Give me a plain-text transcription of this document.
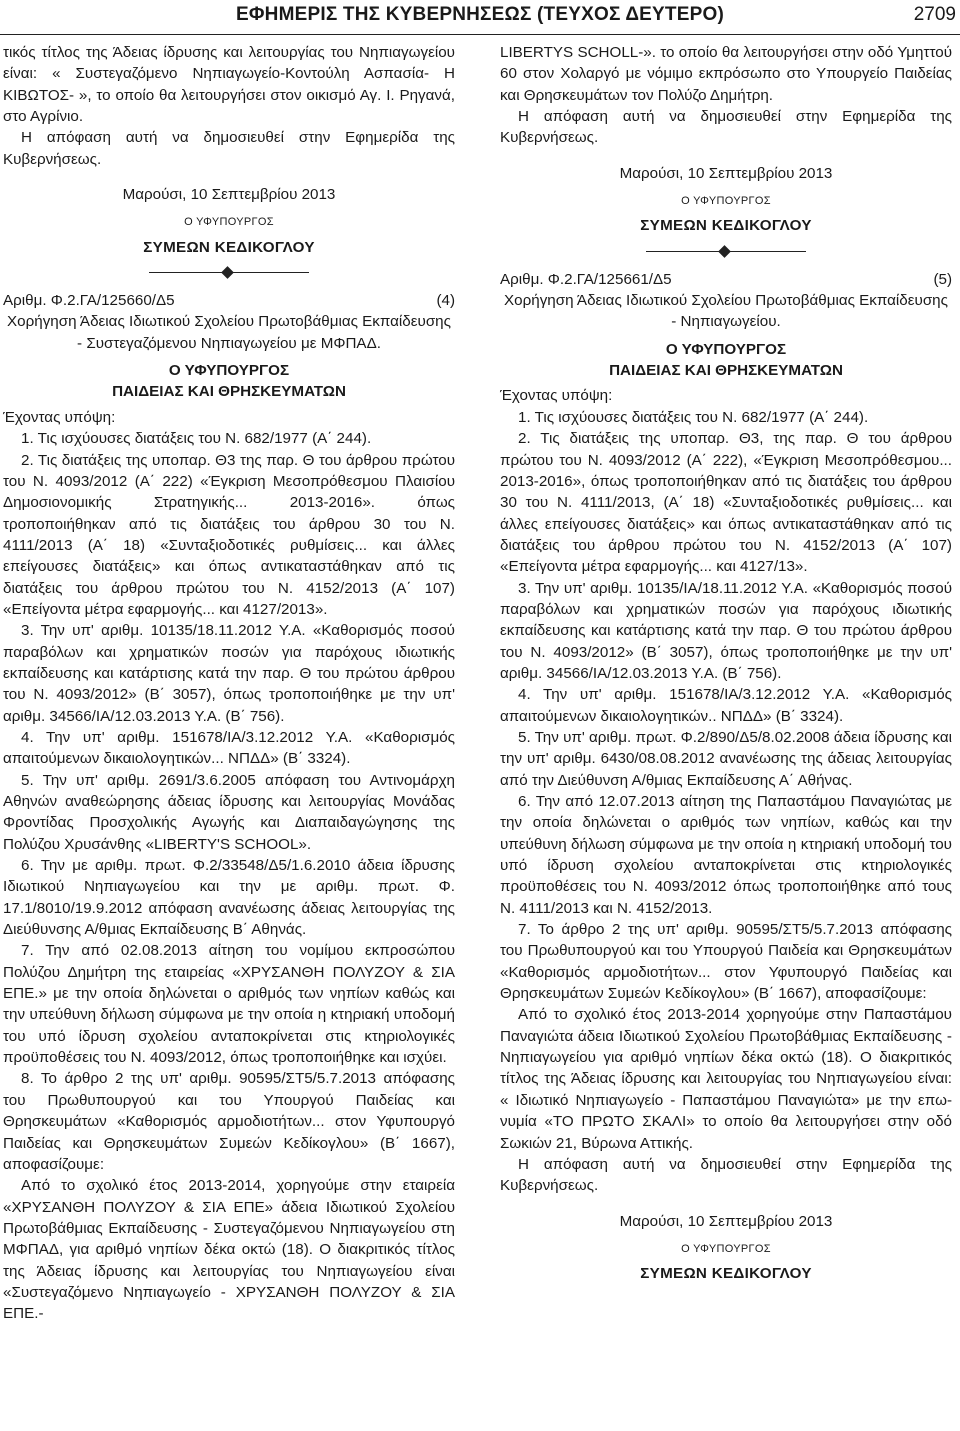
ΕΦΗΜΕΡΙΣ ΤΗΣ ΚΥΒΕΡΝΗΣΕΩΣ (ΤΕΥΧΟΣ ΔΕΥΤΕΡΟ)	2709

τικός τίτλος της Άδειας ίδρυσης και λειτουργίας του Νηπιαγωγείου είναι: « Συστεγαζόμενο Νηπιαγωγείο-Κοντούλη Ασπασία- Η ΚΙΒΩΤΟΣ- », το οποίο θα λειτουργήσει στον οικισμό Αγ. Ι. Ρηγανά, στο Αγρίνιο.

Η απόφαση αυτή να δημοσιευθεί στην Εφημερίδα της Κυβερνήσεως.

Μαρούσι, 10 Σεπτεμβρίου 2013

Ο ΥΦΥΠΟΥΡΓΟΣ

ΣΥΜΕΩΝ ΚΕΔΙΚΟΓΛΟΥ

Αριθμ. Φ.2.ΓΑ/125660/Δ5	(4)

Χορήγηση Άδειας Ιδιωτικού Σχολείου Πρωτοβάθμιας Εκπαίδευσης - Συστεγαζόμενου Νηπιαγωγείου με ΜΦΠΑΔ.

Ο ΥΦΥΠΟΥΡΓΟΣ
ΠΑΙΔΕΙΑΣ ΚΑΙ ΘΡΗΣΚΕΥΜΑΤΩΝ

Έχοντας υπόψη:

1. Τις ισχύουσες διατάξεις του Ν. 682/1977 (Α΄ 244).

2. Τις διατάξεις της υποπαρ. Θ3 της παρ. Θ του άρθρου πρώτου του Ν. 4093/2012 (Α΄ 222) «Έγκριση Μεσοπρόθεσμου Πλαισίου Δημοσιονομικής Στρατηγικής... 2013-2016». όπως τροποποιήθηκαν από τις διατάξεις του άρθρου 30 του Ν. 4111/2013 (Α΄ 18) «Συνταξιοδοτικές ρυθμίσεις... και άλλες επείγουσες διατάξεις» και όπως αντικαταστάθηκαν από τις διατάξεις του άρθρου πρώτου του Ν. 4152/2013 (Α΄ 107) «Επείγοντα μέτρα εφαρμογής... και 4127/2013».

3. Την υπ' αριθμ. 10135/18.11.2012 Υ.Α. «Καθορισμός ποσού παραβόλων και χρηματικών ποσών για παρόχους ιδιωτικής εκπαίδευσης και κατάρτισης κατά την παρ. Θ του πρώτου άρθρου του Ν. 4093/2012» (Β΄ 3057), όπως τροποποιήθηκε με την υπ' αριθμ. 34566/ΙΑ/12.03.2013 Υ.Α. (Β΄ 756).

4. Την υπ' αριθμ. 151678/ΙΑ/3.12.2012 Υ.Α. «Καθορισμός απαιτούμενων δικαιολογητικών... ΝΠΔΔ» (Β΄ 3324).

5. Την υπ' αριθμ. 2691/3.6.2005 απόφαση του Αντινομάρχη Αθηνών αναθεώρησης άδειας ίδρυσης και λειτουργίας Μονάδας Φροντίδας Προσχολικής Αγωγής και Διαπαιδαγώγησης της Πολύζου Χρυσάνθης «LIBERTY'S SCHOOL».

6. Την με αριθμ. πρωτ. Φ.2/33548/Δ5/1.6.2010 άδεια ίδρυσης Ιδιωτικού Νηπιαγωγείου και την με αριθμ. πρωτ. Φ. 17.1/8010/19.9.2012 απόφαση ανανέωσης άδειας λειτουργίας της Διεύθυνσης Α/θμιας Εκπαίδευσης Β΄ Αθηνάς.

7. Την από 02.08.2013 αίτηση του νομίμου εκπροσώπου Πολύζου Δημήτρη της εταιρείας «ΧΡΥΣΑΝΘΗ ΠΟΛΥΖΟΥ & ΣΙΑ ΕΠΕ.» με την οποία δηλώνεται ο αριθμός των νηπίων καθώς και την υπεύθυνη δήλωση σύμφωνα με την οποία η κτηριακή υποδομή του υπό ίδρυση σχολείου ανταποκρίνεται στις κτηριολογικές προϋποθέσεις του Ν. 4093/2012, όπως τροποποιήθηκε και ισχύει.

8. Το άρθρο 2 της υπ' αριθμ. 90595/ΣΤ5/5.7.2013 απόφασης του Πρωθυπουργού και του Υπουργού Παιδείας και Θρησκευμάτων «Καθορισμός αρμοδιοτήτων... στον Υφυπουργό Παιδείας και Θρησκευμάτων Συμεών Κεδίκογλου» (Β΄ 1667), αποφασίζουμε:

Από το σχολικό έτος 2013-2014, χορηγούμε στην εταιρεία «ΧΡΥΣΑΝΘΗ ΠΟΛΥΖΟΥ & ΣΙΑ ΕΠΕ» άδεια Ιδιωτικού Σχολείου Πρωτοβάθμιας Εκπαίδευσης - Συστεγαζόμενου Νηπιαγωγείου στη ΜΦΠΑΔ, για αριθμό νηπίων δέκα οκτώ (18). Ο διακριτικός τίτλος της Άδειας ίδρυσης και λειτουργίας του Νηπιαγωγείου είναι «Συστεγαζόμενο Νηπιαγωγείο - ΧΡΥΣΑΝΘΗ ΠΟΛΥΖΟΥ & ΣΙΑ ΕΠΕ.-

LIBERTYS SCHOLL-». το οποίο θα λειτουργήσει στην οδό Υμηττού 60 στον Χολαργό με νόμιμο εκπρόσωπο στο Υπουργείο Παιδείας και Θρησκευμάτων τον Πολύζο Δημήτρη.

Η απόφαση αυτή να δημοσιευθεί στην Εφημερίδα της Κυβερνήσεως.

Μαρούσι, 10 Σεπτεμβρίου 2013

Ο ΥΦΥΠΟΥΡΓΟΣ

ΣΥΜΕΩΝ ΚΕΔΙΚΟΓΛΟΥ

Αριθμ. Φ.2.ΓΑ/125661/Δ5	(5)

Χορήγηση Άδειας Ιδιωτικού Σχολείου Πρωτοβάθμιας Εκπαίδευσης - Νηπιαγωγείου.

Ο ΥΦΥΠΟΥΡΓΟΣ
ΠΑΙΔΕΙΑΣ ΚΑΙ ΘΡΗΣΚΕΥΜΑΤΩΝ

Έχοντας υπόψη:

1. Τις ισχύουσες διατάξεις του Ν. 682/1977 (Α΄ 244).

2. Τις διατάξεις της υποπαρ. Θ3, της παρ. Θ του άρθρου πρώτου του Ν. 4093/2012 (Α΄ 222), «Έγκριση Μεσοπρόθεσμου... 2013-2016», όπως τροποποιήθηκαν από τις διατάξεις του άρθρου 30 του Ν. 4111/2013, (Α΄ 18) «Συνταξιοδοτικές ρυθμίσεις... και άλλες επείγουσες διατάξεις» και όπως αντικαταστάθηκαν από τις διατάξεις του άρθρου πρώτου του Ν. 4152/2013 (Α΄ 107) «Επείγοντα μέτρα εφαρμογής... και 4127/13».

3. Την υπ' αριθμ. 10135/ΙΑ/18.11.2012 Υ.Α. «Καθορισμός ποσού παραβόλων και χρηματικών ποσών για παρόχους ιδιωτικής εκπαίδευσης και κατάρτισης κατά την παρ. Θ του πρώτου άρθρου του Ν. 4093/2012» (Β΄ 3057), όπως τροποποιήθηκε με την υπ' αριθμ. 34566/ΙΑ/12.03.2013 Υ.Α. (Β΄ 756).

4. Την υπ' αριθμ. 151678/ΙΑ/3.12.2012 Υ.Α. «Καθορισμός απαιτούμενων δικαιολογητικών.. ΝΠΔΔ» (Β΄ 3324).

5. Την υπ' αριθμ. πρωτ. Φ.2/890/Δ5/8.02.2008 άδεια ίδρυσης και την υπ' αριθμ. 6430/08.08.2012 ανανέωσης της άδειας λειτουργίας από την Διεύθυνση Α/θμιας Εκπαίδευσης Α΄ Αθήνας.

6. Την από 12.07.2013 αίτηση της Παπαστάμου Παναγιώτας με την οποία δηλώνεται ο αριθμός των νηπίων, καθώς και την υπεύθυνη δήλωση σύμφωνα με την οποία η κτηριακή υποδομή του υπό ίδρυση σχολείου ανταποκρίνεται στις κτηριολογικές προϋποθέσεις του Ν. 4093/2012 όπως τροποποιήθηκε από τους Ν. 4111/2013 και Ν. 4152/2013.

7. Το άρθρο 2 της υπ' αριθμ. 90595/ΣΤ5/5.7.2013 απόφασης του Πρωθυπουργού και του Υπουργού Παιδεία και Θρησκευμάτων «Καθορισμός αρμοδιοτήτων... στον Υφυπουργό Παιδείας και Θρησκευμάτων Συμεών Κεδίκογλου» (Β΄ 1667), αποφασίζουμε:

Από το σχολικό έτος 2013-2014 χορηγούμε στην Παπαστάμου Παναγιώτα άδεια Ιδιωτικού Σχολείου Πρωτοβάθμιας Εκπαίδευσης - Νηπιαγωγείου για αριθμό νηπίων δέκα οκτώ (18). Ο διακριτικός τίτλος της Άδειας ίδρυσης και λειτουργίας του Νηπιαγωγείου είναι: « Ιδιωτικό Νηπιαγωγείο - Παπαστάμου Παναγιώτα» με την επωνυμία «ΤΟ ΠΡΩΤΟ ΣΚΑΛΙ» το οποίο θα λειτουργήσει στην οδό Σωκιών 21, Βύρωνα Αττικής.

Η απόφαση αυτή να δημοσιευθεί στην Εφημερίδα της Κυβερνήσεως.

Μαρούσι, 10 Σεπτεμβρίου 2013

Ο ΥΦΥΠΟΥΡΓΟΣ

ΣΥΜΕΩΝ ΚΕΔΙΚΟΓΛΟΥ
